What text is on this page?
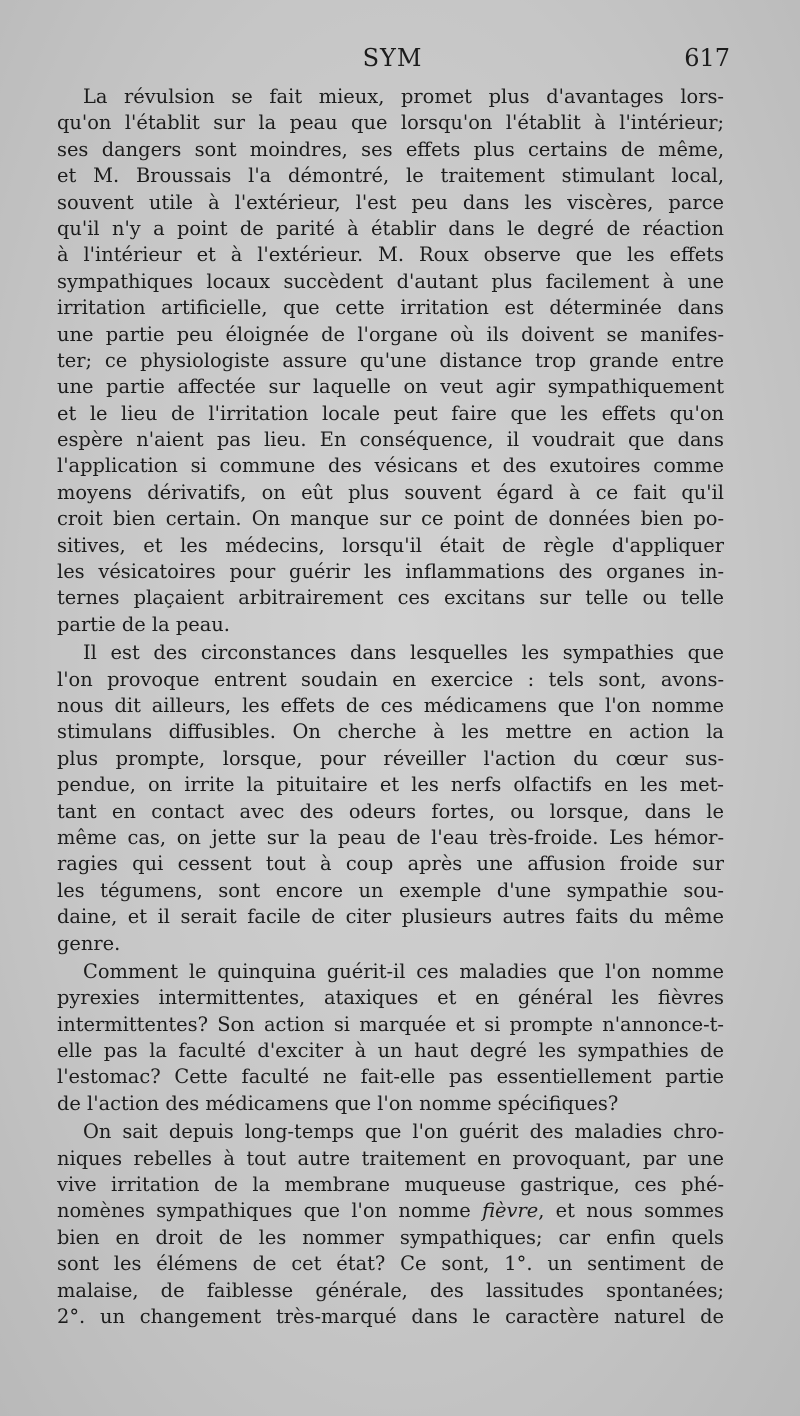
SYM	617
La révulsion se fait mieux, promet plus d'avantages lors-
qu'on l'établit sur la peau que lorsqu'on l'établit à l'intérieur;
ses dangers sont moindres, ses effets plus certains de même,
et M. Broussais l'a démontré, le traitement stimulant local,
souvent utile à l'extérieur, l'est peu dans les viscères, parce
qu'il n'y a point de parité à établir dans le degré de réaction
à l'intérieur et à l'extérieur. M. Roux observe que les effets
sympathiques locaux succèdent d'autant plus facilement à une
irritation artificielle, que cette irritation est déterminée dans
une partie peu éloignée de l'organe où ils doivent se manifes-
ter; ce physiologiste assure qu'une distance trop grande entre
une partie affectée sur laquelle on veut agir sympathiquement
et le lieu de l'irritation locale peut faire que les effets qu'on
espère n'aient pas lieu. En conséquence, il voudrait que dans
l'application si commune des vésicans et des exutoires comme
moyens dérivatifs, on eût plus souvent égard à ce fait qu'il
croit bien certain. On manque sur ce point de données bien po-
sitives, et les médecins, lorsqu'il était de règle d'appliquer
les vésicatoires pour guérir les inflammations des organes in-
ternes plaçaient arbitrairement ces excitans sur telle ou telle
partie de la peau.
Il est des circonstances dans lesquelles les sympathies que
l'on provoque entrent soudain en exercice : tels sont, avons-
nous dit ailleurs, les effets de ces médicamens que l'on nomme
stimulans diffusibles. On cherche à les mettre en action la
plus prompte, lorsque, pour réveiller l'action du cœur sus-
pendue, on irrite la pituitaire et les nerfs olfactifs en les met-
tant en contact avec des odeurs fortes, ou lorsque, dans le
même cas, on jette sur la peau de l'eau très-froide. Les hémor-
ragies qui cessent tout à coup après une affusion froide sur
les tégumens, sont encore un exemple d'une sympathie sou-
daine, et il serait facile de citer plusieurs autres faits du même
genre.
Comment le quinquina guérit-il ces maladies que l'on nomme
pyrexies intermittentes, ataxiques et en général les fièvres
intermittentes? Son action si marquée et si prompte n'annonce-t-
elle pas la faculté d'exciter à un haut degré les sympathies de
l'estomac? Cette faculté ne fait-elle pas essentiellement partie
de l'action des médicamens que l'on nomme spécifiques?
On sait depuis long-temps que l'on guérit des maladies chro-
niques rebelles à tout autre traitement en provoquant, par une
vive irritation de la membrane muqueuse gastrique, ces phé-
nomènes sympathiques que l'on nomme fièvre, et nous sommes
bien en droit de les nommer sympathiques; car enfin quels
sont les élémens de cet état? Ce sont, 1°. un sentiment de
malaise, de faiblesse générale, des lassitudes spontanées;
2°. un changement très-marqué dans le caractère naturel de
